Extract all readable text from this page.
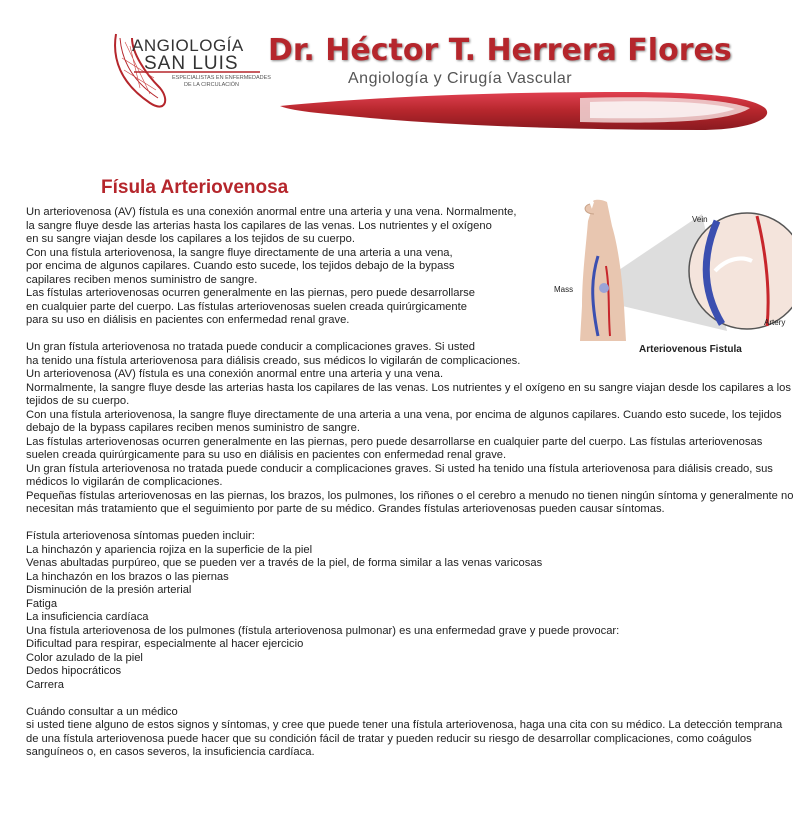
ANGIOLOGÍA
SAN LUIS
ESPECIALISTAS EN ENFERMEDADES
DE LA CIRCULACIÓN
Dr. Héctor T. Herrera Flores
Angiología y Cirugía Vascular
Físula Arteriovenosa
Vein
Mass
Artery
Arteriovenous Fistula

Un arteriovenosa (AV) fístula es una conexión anormal entre una arteria y una vena. Normalmente,

la sangre fluye desde las arterias hasta los capilares de las venas. Los nutrientes y el oxígeno

en su sangre viajan desde los capilares a los tejidos de su cuerpo.

Con una fístula arteriovenosa, la sangre fluye directamente de una arteria a una vena,

por encima de algunos capilares. Cuando esto sucede, los tejidos debajo de la bypass

capilares reciben menos suministro de sangre.

Las fístulas arteriovenosas ocurren generalmente en las piernas, pero puede desarrollarse

en cualquier parte del cuerpo. Las fístulas arteriovenosas suelen creada quirúrgicamente

para su uso en diálisis en pacientes con enfermedad renal grave.

Un gran fístula arteriovenosa no tratada puede conducir a complicaciones graves. Si usted

ha tenido una fístula arteriovenosa para diálisis creado, sus médicos lo vigilarán de complicaciones.

Un arteriovenosa (AV) fístula es una conexión anormal entre una arteria y una vena.

Normalmente, la sangre fluye desde las arterias hasta los capilares de las venas. Los nutrientes y el oxígeno en su sangre viajan desde los capilares a los tejidos de su cuerpo.

Con una fístula arteriovenosa, la sangre fluye directamente de una arteria a una vena, por encima de algunos capilares. Cuando esto sucede, los tejidos debajo de la bypass capilares reciben menos suministro de sangre.

Las fístulas arteriovenosas ocurren generalmente en las piernas, pero puede desarrollarse en cualquier parte del cuerpo. Las fístulas arteriovenosas suelen creada quirúrgicamente para su uso en diálisis en pacientes con enfermedad renal grave.

Un gran fístula arteriovenosa no tratada puede conducir a complicaciones graves. Si usted ha tenido una fístula arteriovenosa para diálisis creado, sus médicos lo vigilarán de complicaciones.

Pequeñas fístulas arteriovenosas en las piernas, los brazos, los pulmones, los riñones o el cerebro a menudo no tienen ningún síntoma y generalmente no necesitan más tratamiento que el seguimiento por parte de su médico. Grandes fístulas arteriovenosas pueden causar síntomas.

Fístula arteriovenosa síntomas pueden incluir:

La hinchazón y apariencia rojiza en la superficie de la piel

Venas abultadas purpúreo, que se pueden ver a través de la piel, de forma similar a las venas varicosas

La hinchazón en los brazos o las piernas

Disminución de la presión arterial

Fatiga

La insuficiencia cardíaca

Una fístula arteriovenosa de los pulmones (fístula arteriovenosa pulmonar) es una enfermedad grave y puede provocar:

Dificultad para respirar, especialmente al hacer ejercicio

Color azulado de la piel

Dedos hipocráticos

Carrera

Cuándo consultar a un médico

si usted tiene alguno de estos signos y síntomas, y cree que puede tener una fístula arteriovenosa, haga una cita con su médico. La detección temprana de una fístula arteriovenosa puede hacer que su condición fácil de tratar y pueden reducir su riesgo de desarrollar complicaciones, como coágulos sanguíneos o, en casos severos, la insuficiencia cardíaca.
